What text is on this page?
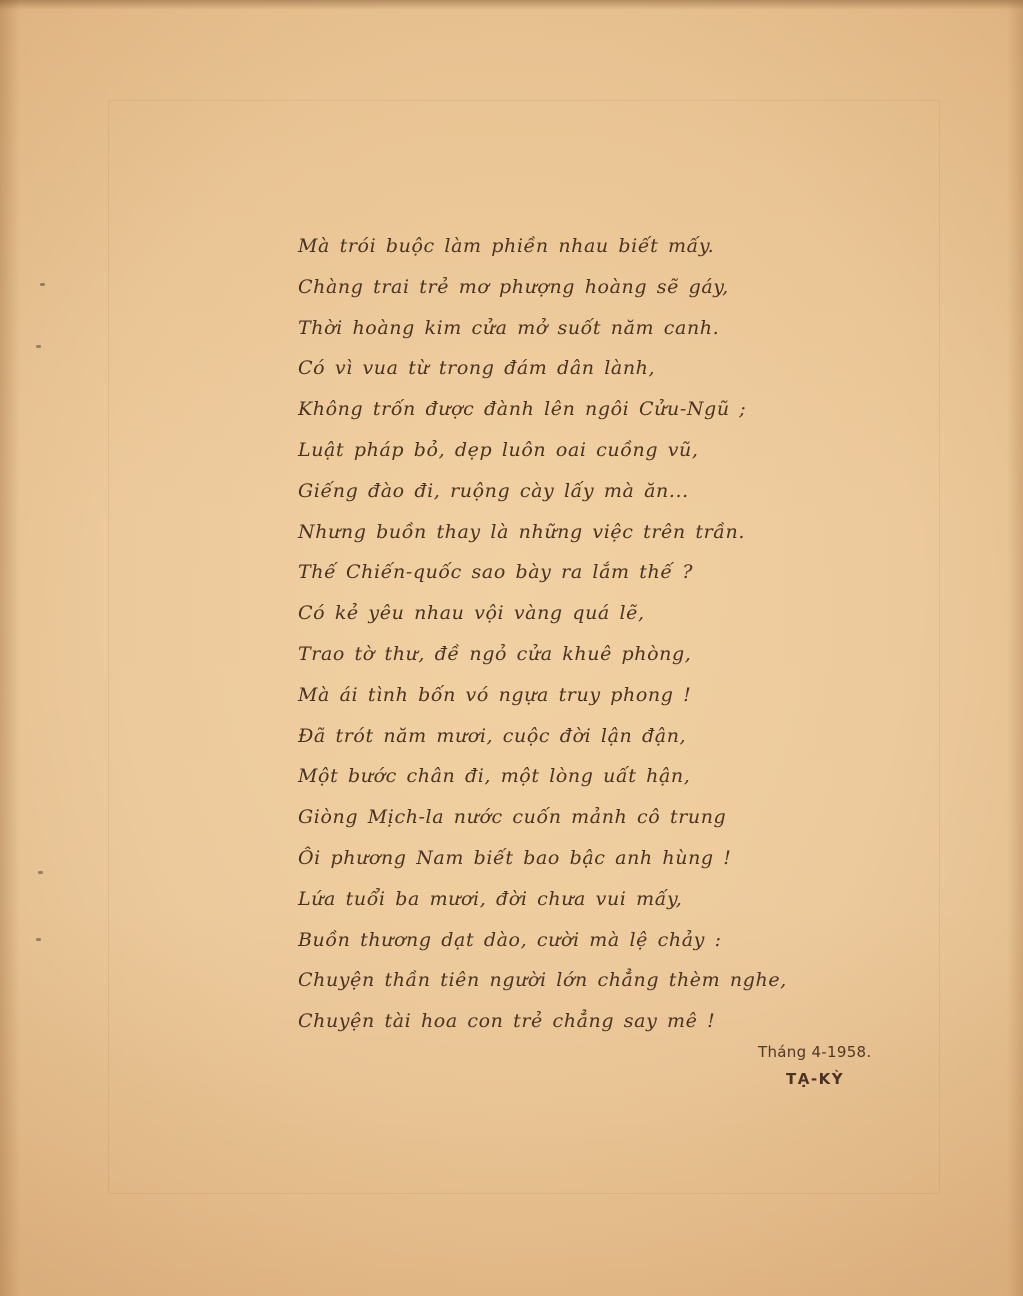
Mà trói buộc làm phiền nhau biết mấy.
Chàng trai trẻ mơ phượng hoàng sẽ gáy,
Thời hoàng kim cửa mở suốt năm canh.
Có vì vua từ trong đám dân lành,
Không trốn được đành lên ngôi Cửu-Ngũ ;
Luật pháp bỏ, dẹp luôn oai cuồng vũ,
Giếng đào đi, ruộng cày lấy mà ăn...
Nhưng buồn thay là những việc trên trần.
Thế Chiến-quốc sao bày ra lắm thế ?
Có kẻ yêu nhau vội vàng quá lẽ,
Trao tờ thư, đề ngỏ cửa khuê phòng,
Mà ái tình bốn vó ngựa truy phong !
Đã trót năm mươi, cuộc đời lận đận,
Một bước chân đi, một lòng uất hận,
Giòng Mịch-la nước cuốn mảnh cô trung
Ôi phương Nam biết bao bậc anh hùng !
Lứa tuổi ba mươi, đời chưa vui mấy,
Buồn thương dạt dào, cười mà lệ chảy :
Chuyện thần tiên người lớn chẳng thèm nghe,
Chuyện tài hoa con trẻ chẳng say mê !
Tháng 4-1958.
TẠ-KỲ
